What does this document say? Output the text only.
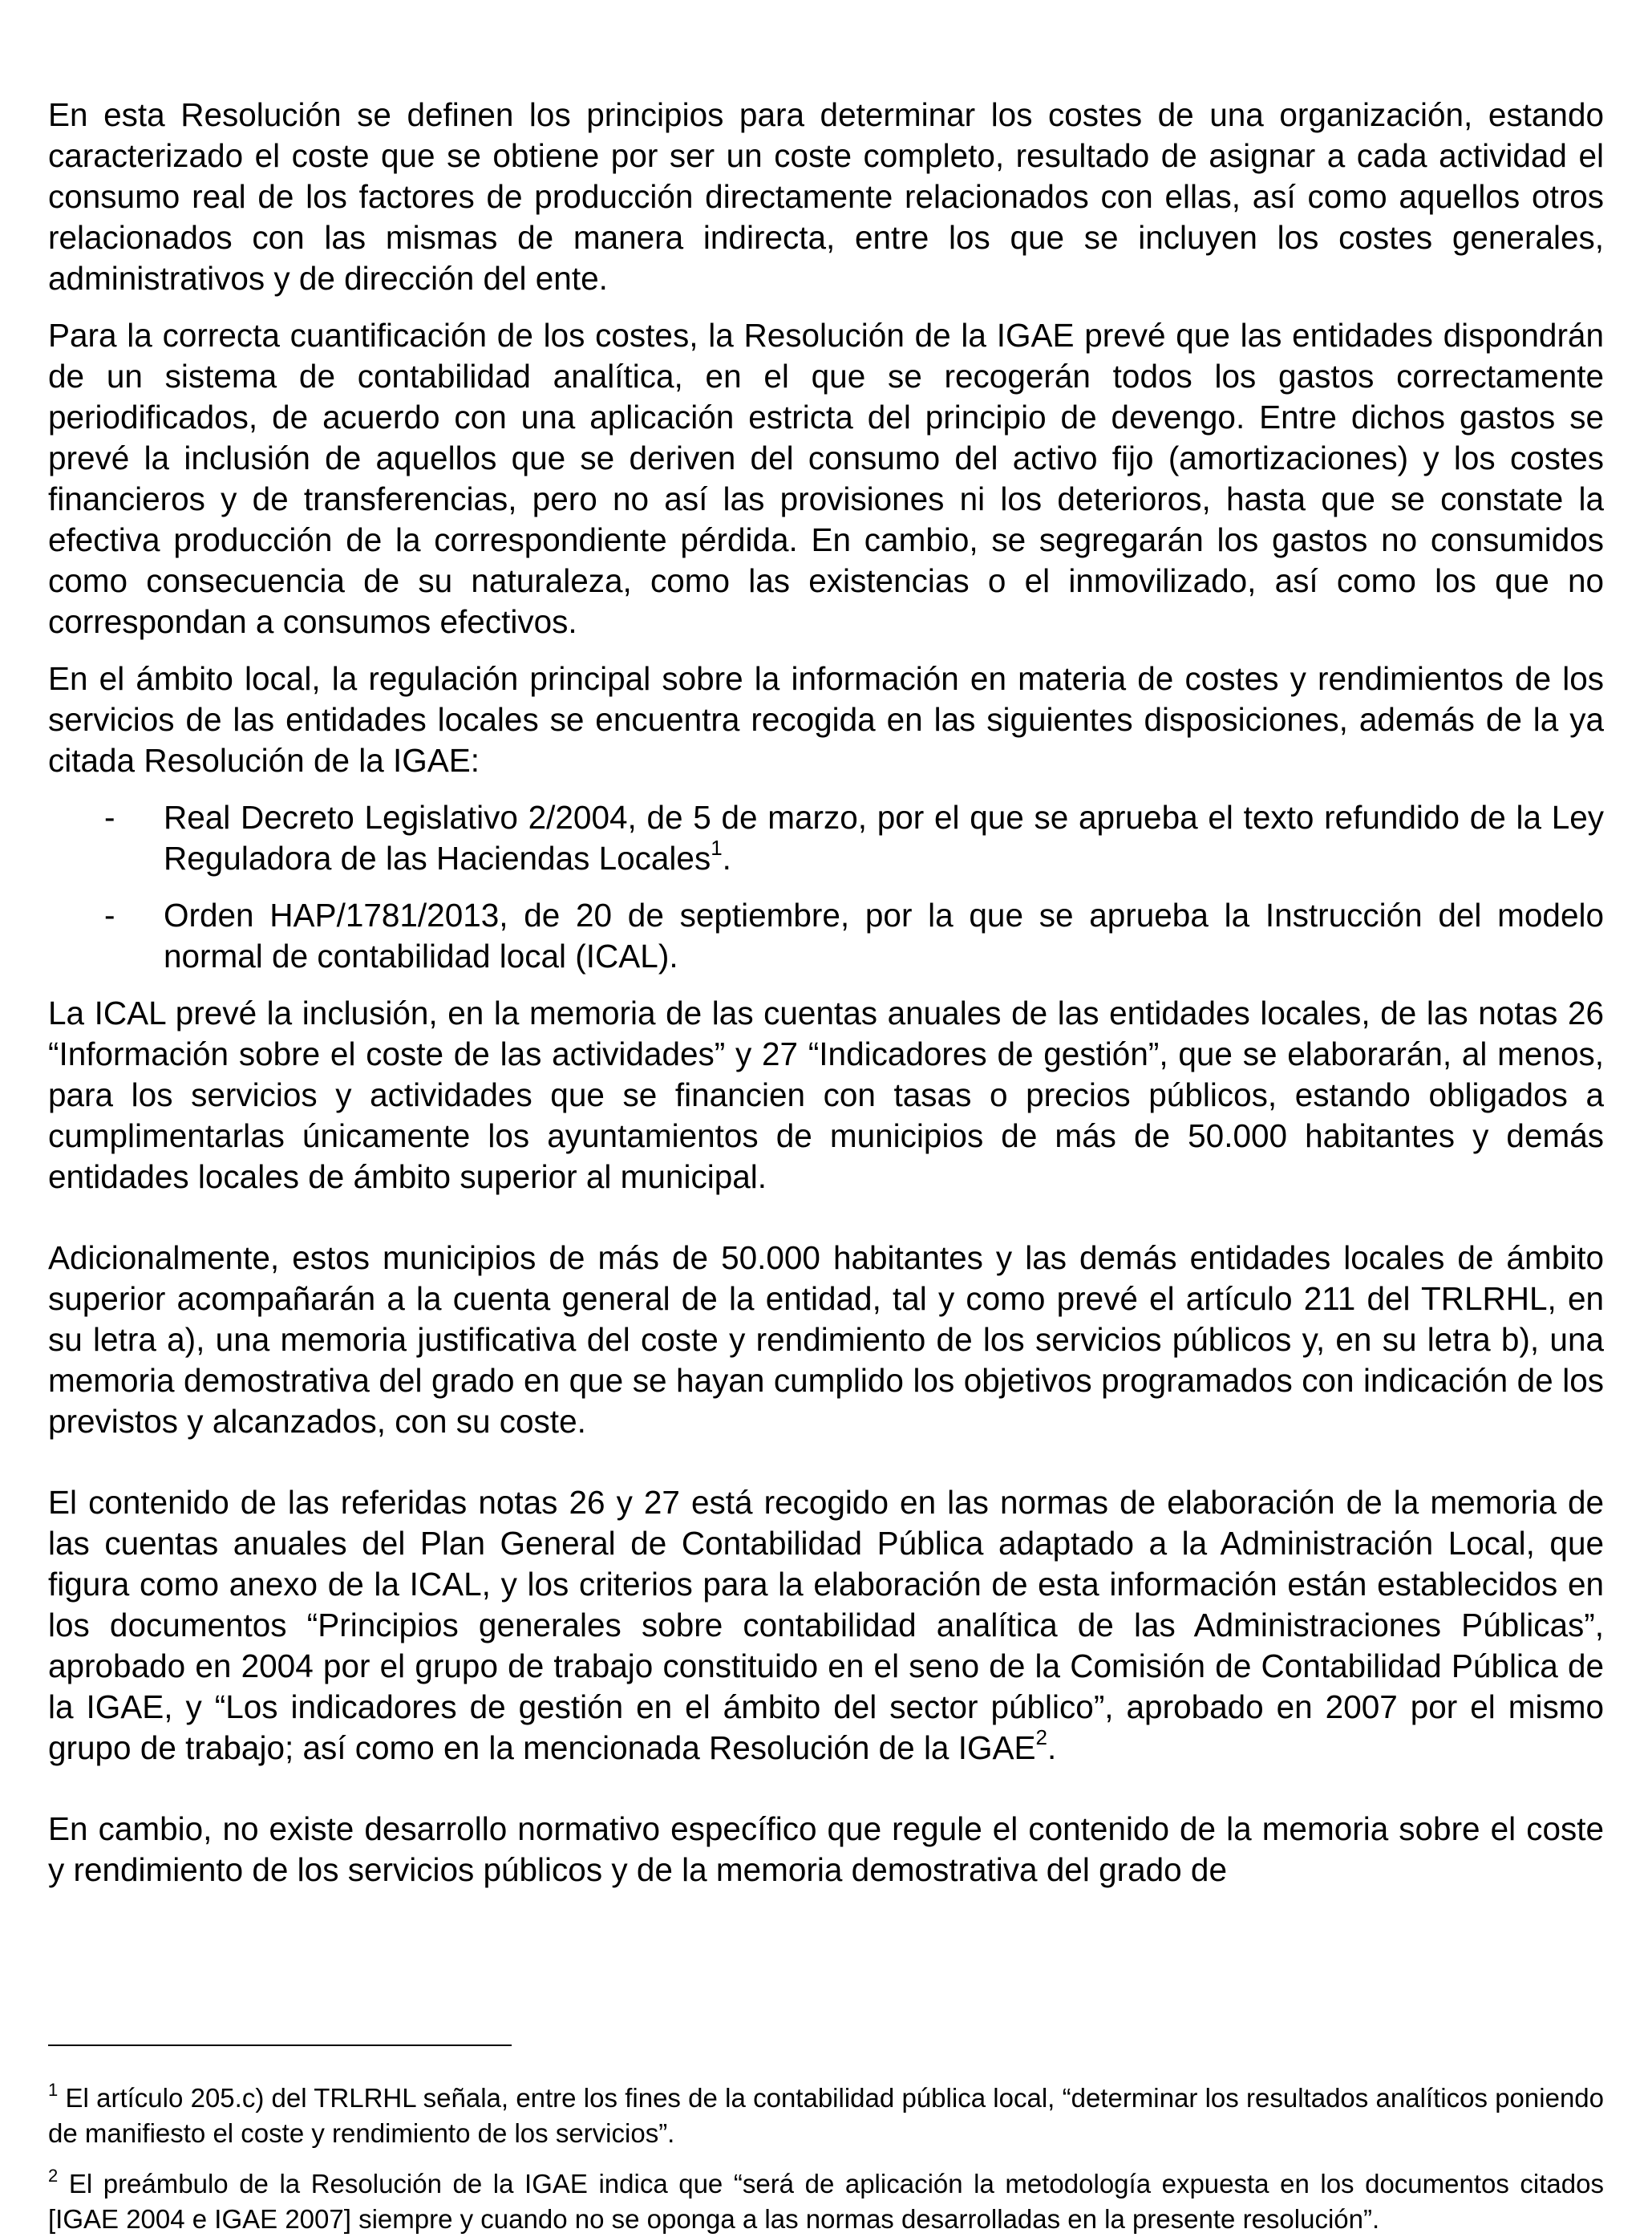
En esta Resolución se definen los principios para determinar los costes de una organización, estando caracterizado el coste que se obtiene por ser un coste completo, resultado de asignar a cada actividad el consumo real de los factores de producción directamente relacionados con ellas, así como aquellos otros relacionados con las mismas de manera indirecta, entre los que se incluyen los costes generales, administrativos y de dirección del ente.

Para la correcta cuantificación de los costes, la Resolución de la IGAE prevé que las entidades dispondrán de un sistema de contabilidad analítica, en el que se recogerán todos los gastos correctamente periodificados, de acuerdo con una aplicación estricta del principio de devengo. Entre dichos gastos se prevé la inclusión de aquellos que se deriven del consumo del activo fijo (amortizaciones) y los costes financieros y de transferencias, pero no así las provisiones ni los deterioros, hasta que se constate la efectiva producción de la correspondiente pérdida. En cambio, se segregarán los gastos no consumidos como consecuencia de su naturaleza, como las existencias o el inmovilizado, así como los que no correspondan a consumos efectivos.

En el ámbito local, la regulación principal sobre la información en materia de costes y rendimientos de los servicios de las entidades locales se encuentra recogida en las siguientes disposiciones, además de la ya citada Resolución de la IGAE:

- Real Decreto Legislativo 2/2004, de 5 de marzo, por el que se aprueba el texto refundido de la Ley Reguladora de las Haciendas Locales$^1$.
- Orden HAP/1781/2013, de 20 de septiembre, por la que se aprueba la Instrucción del modelo normal de contabilidad local (ICAL).

La ICAL prevé la inclusión, en la memoria de las cuentas anuales de las entidades locales, de las notas 26 “Información sobre el coste de las actividades” y 27 “Indicadores de gestión”, que se elaborarán, al menos, para los servicios y actividades que se financien con tasas o precios públicos, estando obligados a cumplimentarlas únicamente los ayuntamientos de municipios de más de 50.000 habitantes y demás entidades locales de ámbito superior al municipal.

Adicionalmente, estos municipios de más de 50.000 habitantes y las demás entidades locales de ámbito superior acompañarán a la cuenta general de la entidad, tal y como prevé el artículo 211 del TRLRHL, en su letra a), una memoria justificativa del coste y rendimiento de los servicios públicos y, en su letra b), una memoria demostrativa del grado en que se hayan cumplido los objetivos programados con indicación de los previstos y alcanzados, con su coste.

El contenido de las referidas notas 26 y 27 está recogido en las normas de elaboración de la memoria de las cuentas anuales del Plan General de Contabilidad Pública adaptado a la Administración Local, que figura como anexo de la ICAL, y los criterios para la elaboración de esta información están establecidos en los documentos “Principios generales sobre contabilidad analítica de las Administraciones Públicas”, aprobado en 2004 por el grupo de trabajo constituido en el seno de la Comisión de Contabilidad Pública de la IGAE, y “Los indicadores de gestión en el ámbito del sector público”, aprobado en 2007 por el mismo grupo de trabajo; así como en la mencionada Resolución de la IGAE$^2$.

En cambio, no existe desarrollo normativo específico que regule el contenido de la memoria sobre el coste y rendimiento de los servicios públicos y de la memoria demostrativa del grado de

$^1$ El artículo 205.c) del TRLRHL señala, entre los fines de la contabilidad pública local, “determinar los resultados analíticos poniendo de manifiesto el coste y rendimiento de los servicios”.

$^2$ El preámbulo de la Resolución de la IGAE indica que “será de aplicación la metodología expuesta en los documentos citados [IGAE 2004 e IGAE 2007] siempre y cuando no se oponga a las normas desarrolladas en la presente resolución”.
